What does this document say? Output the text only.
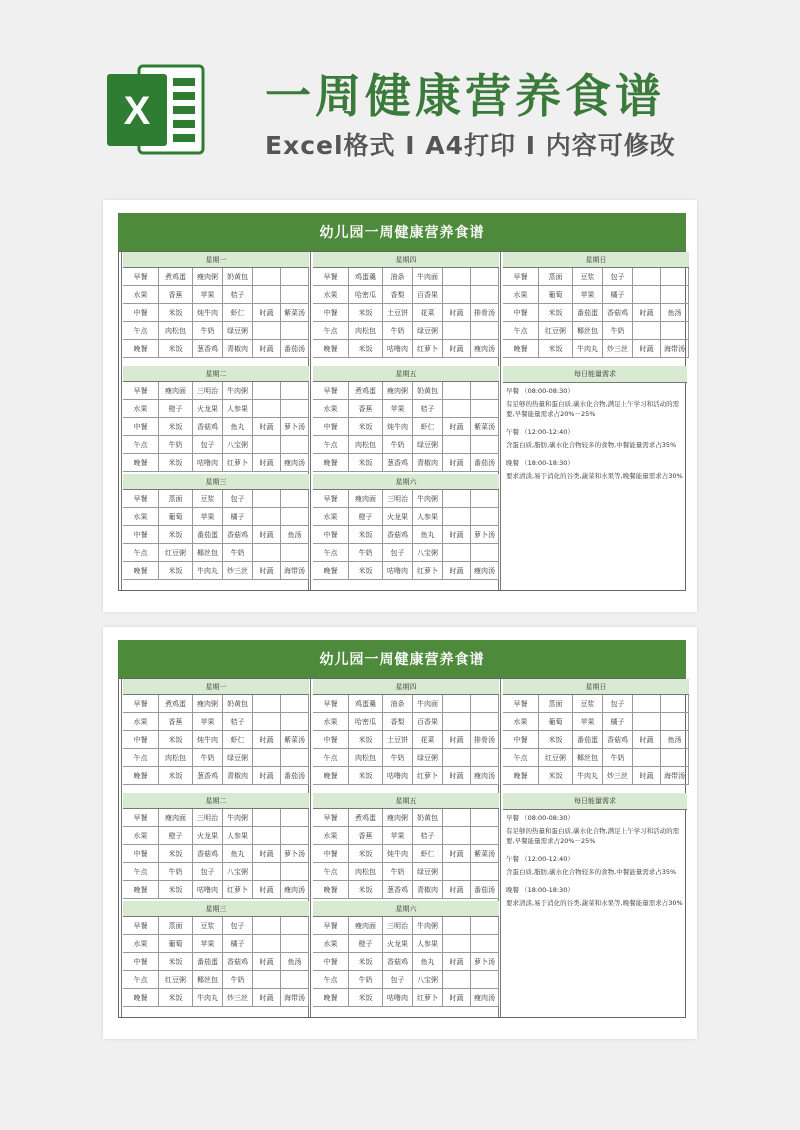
X 一周健康营养食谱
Excel格式 I A4打印 I 内容可修改
幼儿园一周健康营养食谱
星期一
早餐	煮鸡蛋	瘦肉粥	奶黄包
水果	香蕉	苹果	桔子
中餐	米饭	炖牛肉	虾仁	时蔬	紫菜汤
午点	肉松包	牛奶	绿豆粥
晚餐	米饭	葱香鸡	青椒肉	时蔬	番茄汤
星期四
早餐	鸡蛋羹	油条	牛肉面
水果	哈密瓜	香梨	百香果
中餐	米饭	土豆饼	花菜	时蔬	排骨汤
午点	肉松包	牛奶	绿豆粥
晚餐	米饭	咕噜肉	红萝卜	时蔬	瘦肉汤
星期日
早餐	蒸面	豆浆	包子
水果	葡萄	苹果	橘子
中餐	米饭	番茄蛋	香菇鸡	时蔬	鱼汤
午点	红豆粥	椰丝包	牛奶
晚餐	米饭	牛肉丸	炒三丝	时蔬	海带汤
星期二
早餐	瘦肉面	三明治	牛肉粥
水果	橙子	火龙果	人参果
中餐	米饭	香菇鸡	鱼丸	时蔬	萝卜汤
午点	牛奶	包子	八宝粥
晚餐	米饭	咕噜肉	红萝卜	时蔬	瘦肉汤
星期五
早餐	煮鸡蛋	瘦肉粥	奶黄包
水果	香蕉	苹果	桔子
中餐	米饭	炖牛肉	虾仁	时蔬	紫菜汤
午点	肉松包	牛奶	绿豆粥
晚餐	米饭	葱香鸡	青椒肉	时蔬	番茄汤
星期三
早餐	蒸面	豆浆	包子
水果	葡萄	苹果	橘子
中餐	米饭	番茄蛋	香菇鸡	时蔬	鱼汤
午点	红豆粥	椰丝包	牛奶
晚餐	米饭	牛肉丸	炒三丝	时蔬	海带汤
星期六
早餐	瘦肉面	三明治	牛肉粥
水果	橙子	火龙果	人参果
中餐	米饭	香菇鸡	鱼丸	时蔬	萝卜汤
午点	牛奶	包子	八宝粥
晚餐	米饭	咕噜肉	红萝卜	时蔬	瘦肉汤
每日能量需求

早餐 （08:00-08:30）

有足够的热量和蛋白质,碳水化合物,满足上午学习和活动的需要,早餐能量需求占20%－25%

午餐 （12:00-12:40）

含蛋白质,脂肪,碳水化合物较多的食物,中餐能量需求占35%

晚餐 （18:00-18:30）

要求清淡,易于消化的谷类,蔬菜和水果等,晚餐能量需求占30%

幼儿园一周健康营养食谱
星期一
早餐	煮鸡蛋	瘦肉粥	奶黄包
水果	香蕉	苹果	桔子
中餐	米饭	炖牛肉	虾仁	时蔬	紫菜汤
午点	肉松包	牛奶	绿豆粥
晚餐	米饭	葱香鸡	青椒肉	时蔬	番茄汤
星期四
早餐	鸡蛋羹	油条	牛肉面
水果	哈密瓜	香梨	百香果
中餐	米饭	土豆饼	花菜	时蔬	排骨汤
午点	肉松包	牛奶	绿豆粥
晚餐	米饭	咕噜肉	红萝卜	时蔬	瘦肉汤
星期日
早餐	蒸面	豆浆	包子
水果	葡萄	苹果	橘子
中餐	米饭	番茄蛋	香菇鸡	时蔬	鱼汤
午点	红豆粥	椰丝包	牛奶
晚餐	米饭	牛肉丸	炒三丝	时蔬	海带汤
星期二
早餐	瘦肉面	三明治	牛肉粥
水果	橙子	火龙果	人参果
中餐	米饭	香菇鸡	鱼丸	时蔬	萝卜汤
午点	牛奶	包子	八宝粥
晚餐	米饭	咕噜肉	红萝卜	时蔬	瘦肉汤
星期五
早餐	煮鸡蛋	瘦肉粥	奶黄包
水果	香蕉	苹果	桔子
中餐	米饭	炖牛肉	虾仁	时蔬	紫菜汤
午点	肉松包	牛奶	绿豆粥
晚餐	米饭	葱香鸡	青椒肉	时蔬	番茄汤
星期三
早餐	蒸面	豆浆	包子
水果	葡萄	苹果	橘子
中餐	米饭	番茄蛋	香菇鸡	时蔬	鱼汤
午点	红豆粥	椰丝包	牛奶
晚餐	米饭	牛肉丸	炒三丝	时蔬	海带汤
星期六
早餐	瘦肉面	三明治	牛肉粥
水果	橙子	火龙果	人参果
中餐	米饭	香菇鸡	鱼丸	时蔬	萝卜汤
午点	牛奶	包子	八宝粥
晚餐	米饭	咕噜肉	红萝卜	时蔬	瘦肉汤
每日能量需求

早餐 （08:00-08:30）

有足够的热量和蛋白质,碳水化合物,满足上午学习和活动的需要,早餐能量需求占20%－25%

午餐 （12:00-12:40）

含蛋白质,脂肪,碳水化合物较多的食物,中餐能量需求占35%

晚餐 （18:00-18:30）

要求清淡,易于消化的谷类,蔬菜和水果等,晚餐能量需求占30%
